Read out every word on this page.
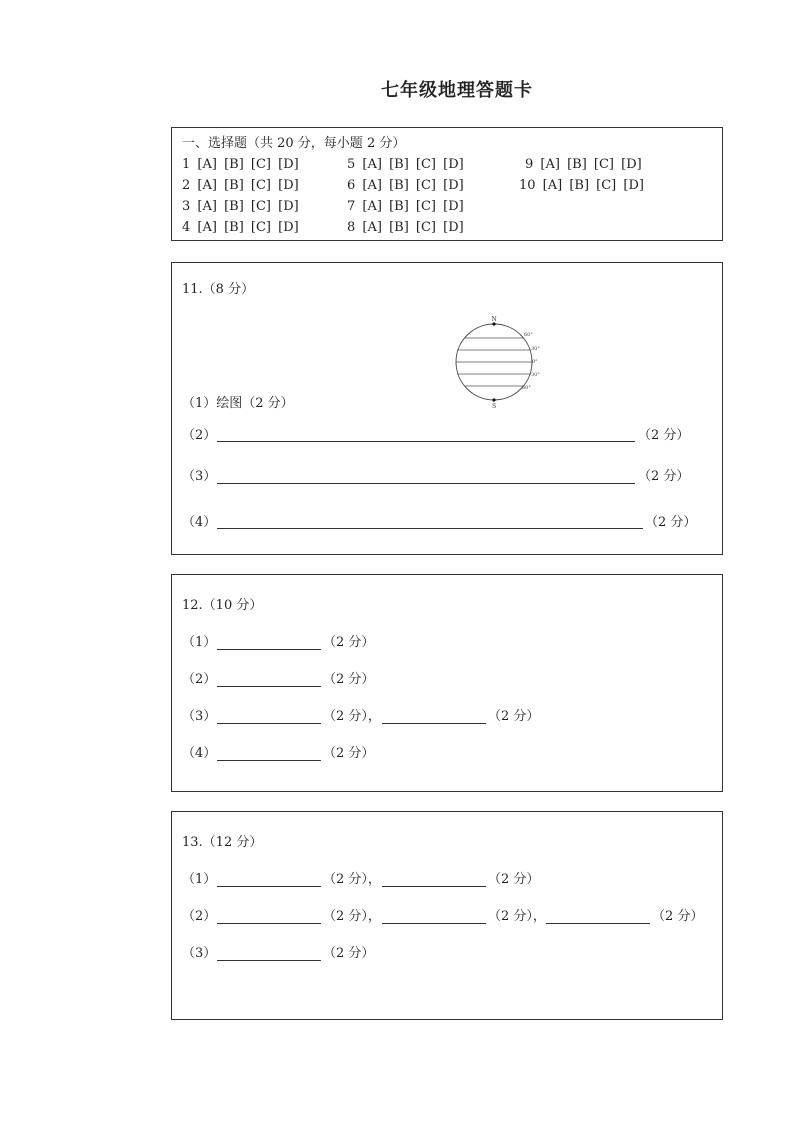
七年级地理答题卡
一、选择题（共 20 分，每小题 2 分）
1 [A] [B] [C] [D]
2 [A] [B] [C] [D]
3 [A] [B] [C] [D]
4 [A] [B] [C] [D]
5 [A] [B] [C] [D]
6 [A] [B] [C] [D]
7 [A] [B] [C] [D]
8 [A] [B] [C] [D]
9 [A] [B] [C] [D]
10 [A] [B] [C] [D]
11.（8 分）
N
S
60°
30°
0°
30°
60°
（1）绘图（2 分）
（2）	（2 分）
（3）	（2 分）
（4）	（2 分）
12.（10 分）
（1）	（2 分）
（2）	（2 分）
（3）	（2 分），	（2 分）
（4）	（2 分）
13.（12 分）
（1）	（2 分），	（2 分）
（2）	（2 分），	（2 分），	（2 分）
（3）	（2 分）
